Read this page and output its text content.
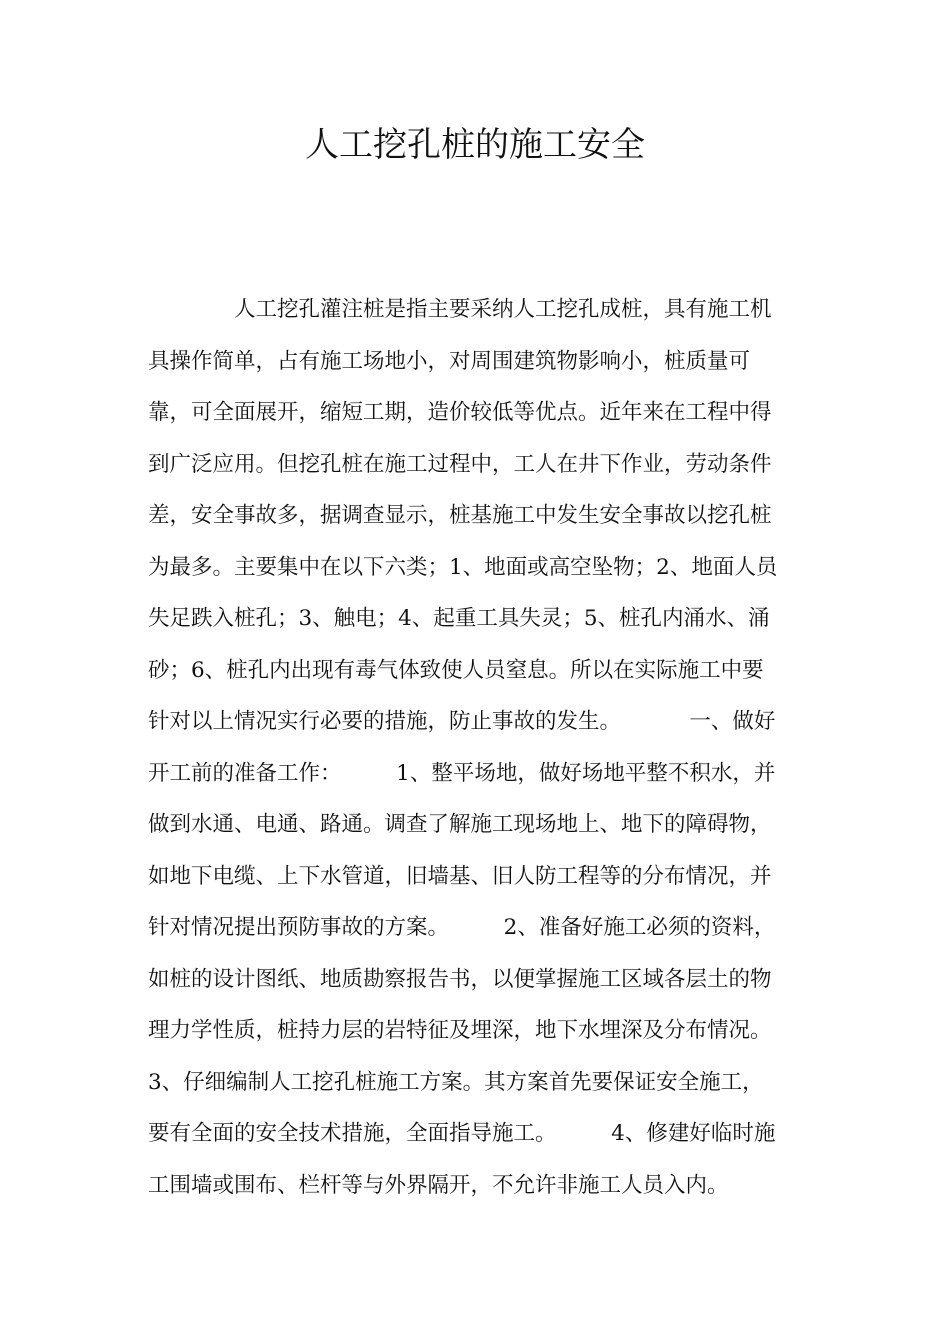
人工挖孔桩的施工安全
人工挖孔灌注桩是指主要采纳人工挖孔成桩，具有施工机
具操作简单，占有施工场地小，对周围建筑物影响小，桩质量可
靠，可全面展开，缩短工期，造价较低等优点。近年来在工程中得
到广泛应用。但挖孔桩在施工过程中，工人在井下作业，劳动条件
差，安全事故多，据调查显示，桩基施工中发生安全事故以挖孔桩
为最多。主要集中在以下六类；1、地面或高空坠物；2、地面人员
失足跌入桩孔；3、触电；4、起重工具失灵；5、桩孔内涌水、涌
砂；6、桩孔内出现有毒气体致使人员窒息。所以在实际施工中要
针对以上情况实行必要的措施，防止事故的发生。          一、做好
开工前的准备工作：        1、整平场地，做好场地平整不积水，并
做到水通、电通、路通。调查了解施工现场地上、地下的障碍物，
如地下电缆、上下水管道，旧墙基、旧人防工程等的分布情况，并
针对情况提出预防事故的方案。        2、准备好施工必须的资料，
如桩的设计图纸、地质勘察报告书，以便掌握施工区域各层土的物
理力学性质，桩持力层的岩特征及埋深，地下水埋深及分布情况。
3、仔细编制人工挖孔桩施工方案。其方案首先要保证安全施工，
要有全面的安全技术措施，全面指导施工。        4、修建好临时施
工围墙或围布、栏杆等与外界隔开，不允许非施工人员入内。
